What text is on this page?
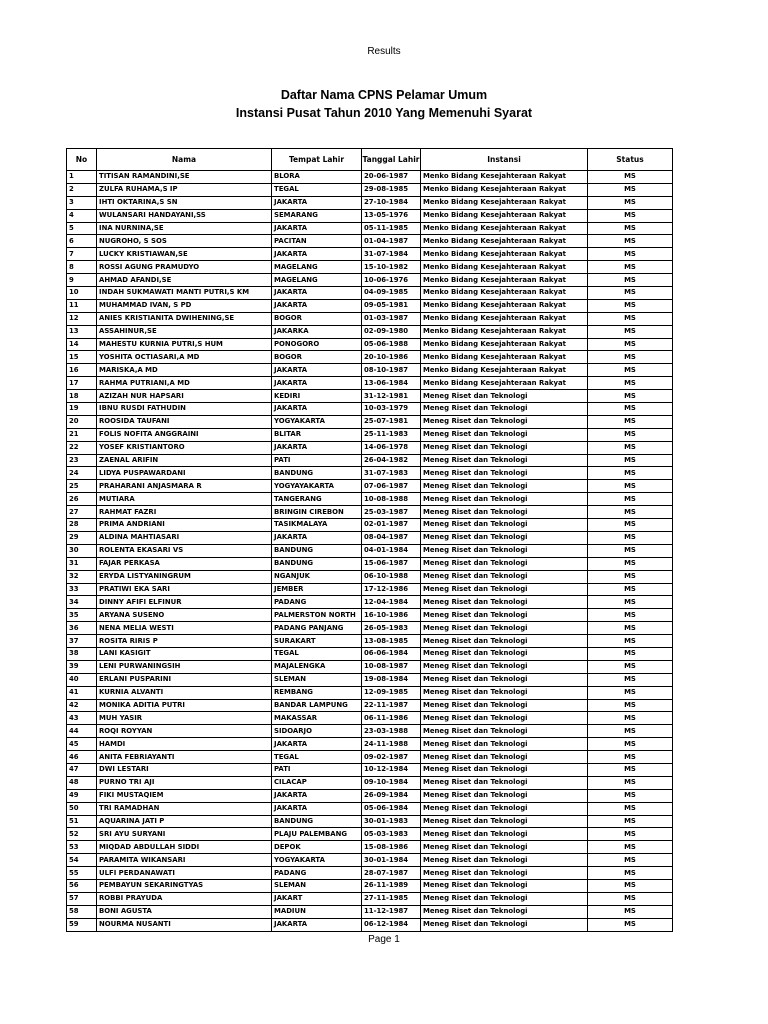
Results
Daftar Nama CPNS Pelamar Umum
Instansi Pusat Tahun 2010 Yang Memenuhi Syarat
No	Nama	Tempat Lahir	Tanggal Lahir	Instansi	Status
1	TITISAN RAMANDINI,SE	BLORA	20-06-1987	Menko Bidang Kesejahteraan Rakyat	MS
2	ZULFA RUHAMA,S IP	TEGAL	29-08-1985	Menko Bidang Kesejahteraan Rakyat	MS
3	IHTI OKTARINA,S SN	JAKARTA	27-10-1984	Menko Bidang Kesejahteraan Rakyat	MS
4	WULANSARI HANDAYANI,SS	SEMARANG	13-05-1976	Menko Bidang Kesejahteraan Rakyat	MS
5	INA NURNINA,SE	JAKARTA	05-11-1985	Menko Bidang Kesejahteraan Rakyat	MS
6	NUGROHO, S SOS	PACITAN	01-04-1987	Menko Bidang Kesejahteraan Rakyat	MS
7	LUCKY KRISTIAWAN,SE	JAKARTA	31-07-1984	Menko Bidang Kesejahteraan Rakyat	MS
8	ROSSI AGUNG PRAMUDYO	MAGELANG	15-10-1982	Menko Bidang Kesejahteraan Rakyat	MS
9	AHMAD AFANDI,SE	MAGELANG	10-06-1976	Menko Bidang Kesejahteraan Rakyat	MS
10	INDAH SUKMAWATI MANTI PUTRI,S KM	JAKARTA	04-09-1985	Menko Bidang Kesejahteraan Rakyat	MS
11	MUHAMMAD IVAN, S PD	JAKARTA	09-05-1981	Menko Bidang Kesejahteraan Rakyat	MS
12	ANIES KRISTIANITA DWIHENING,SE	BOGOR	01-03-1987	Menko Bidang Kesejahteraan Rakyat	MS
13	ASSAHINUR,SE	JAKARKA	02-09-1980	Menko Bidang Kesejahteraan Rakyat	MS
14	MAHESTU KURNIA PUTRI,S HUM	PONOGORO	05-06-1988	Menko Bidang Kesejahteraan Rakyat	MS
15	YOSHITA OCTIASARI,A MD	BOGOR	20-10-1986	Menko Bidang Kesejahteraan Rakyat	MS
16	MARISKA,A MD	JAKARTA	08-10-1987	Menko Bidang Kesejahteraan Rakyat	MS
17	RAHMA PUTRIANI,A MD	JAKARTA	13-06-1984	Menko Bidang Kesejahteraan Rakyat	MS
18	AZIZAH NUR HAPSARI	KEDIRI	31-12-1981	Meneg Riset dan Teknologi	MS
19	IBNU RUSDI FATHUDIN	JAKARTA	10-03-1979	Meneg Riset dan Teknologi	MS
20	ROOSIDA TAUFANI	YOGYAKARTA	25-07-1981	Meneg Riset dan Teknologi	MS
21	FOLIS NOFITA ANGGRAINI	BLITAR	25-11-1983	Meneg Riset dan Teknologi	MS
22	YOSEF KRISTIANTORO	JAKARTA	14-06-1978	Meneg Riset dan Teknologi	MS
23	ZAENAL ARIFIN	PATI	26-04-1982	Meneg Riset dan Teknologi	MS
24	LIDYA PUSPAWARDANI	BANDUNG	31-07-1983	Meneg Riset dan Teknologi	MS
25	PRAHARANI ANJASMARA R	YOGYAYAKARTA	07-06-1987	Meneg Riset dan Teknologi	MS
26	MUTIARA	TANGERANG	10-08-1988	Meneg Riset dan Teknologi	MS
27	RAHMAT FAZRI	BRINGIN CIREBON	25-03-1987	Meneg Riset dan Teknologi	MS
28	PRIMA ANDRIANI	TASIKMALAYA	02-01-1987	Meneg Riset dan Teknologi	MS
29	ALDINA MAHTIASARI	JAKARTA	08-04-1987	Meneg Riset dan Teknologi	MS
30	ROLENTA EKASARI VS	BANDUNG	04-01-1984	Meneg Riset dan Teknologi	MS
31	FAJAR PERKASA	BANDUNG	15-06-1987	Meneg Riset dan Teknologi	MS
32	ERYDA LISTYANINGRUM	NGANJUK	06-10-1988	Meneg Riset dan Teknologi	MS
33	PRATIWI EKA SARI	JEMBER	17-12-1986	Meneg Riset dan Teknologi	MS
34	DINNY AFIFI ELFINUR	PADANG	12-04-1984	Meneg Riset dan Teknologi	MS
35	ARYANA SUSENO	PALMERSTON NORTH	16-10-1986	Meneg Riset dan Teknologi	MS
36	NENA MELIA WESTI	PADANG PANJANG	26-05-1983	Meneg Riset dan Teknologi	MS
37	ROSITA RIRIS P	SURAKART	13-08-1985	Meneg Riset dan Teknologi	MS
38	LANI KASIGIT	TEGAL	06-06-1984	Meneg Riset dan Teknologi	MS
39	LENI PURWANINGSIH	MAJALENGKA	10-08-1987	Meneg Riset dan Teknologi	MS
40	ERLANI PUSPARINI	SLEMAN	19-08-1984	Meneg Riset dan Teknologi	MS
41	KURNIA ALVANTI	REMBANG	12-09-1985	Meneg Riset dan Teknologi	MS
42	MONIKA ADITIA PUTRI	BANDAR LAMPUNG	22-11-1987	Meneg Riset dan Teknologi	MS
43	MUH YASIR	MAKASSAR	06-11-1986	Meneg Riset dan Teknologi	MS
44	ROQI ROYYAN	SIDOARJO	23-03-1988	Meneg Riset dan Teknologi	MS
45	HAMDI	JAKARTA	24-11-1988	Meneg Riset dan Teknologi	MS
46	ANITA FEBRIAYANTI	TEGAL	09-02-1987	Meneg Riset dan Teknologi	MS
47	DWI LESTARI	PATI	10-12-1984	Meneg Riset dan Teknologi	MS
48	PURNO TRI AJI	CILACAP	09-10-1984	Meneg Riset dan Teknologi	MS
49	FIKI MUSTAQIEM	JAKARTA	26-09-1984	Meneg Riset dan Teknologi	MS
50	TRI RAMADHAN	JAKARTA	05-06-1984	Meneg Riset dan Teknologi	MS
51	AQUARINA JATI P	BANDUNG	30-01-1983	Meneg Riset dan Teknologi	MS
52	SRI AYU SURYANI	PLAJU PALEMBANG	05-03-1983	Meneg Riset dan Teknologi	MS
53	MIQDAD ABDULLAH SIDDI	DEPOK	15-08-1986	Meneg Riset dan Teknologi	MS
54	PARAMITA WIKANSARI	YOGYAKARTA	30-01-1984	Meneg Riset dan Teknologi	MS
55	ULFI PERDANAWATI	PADANG	28-07-1987	Meneg Riset dan Teknologi	MS
56	PEMBAYUN SEKARINGTYAS	SLEMAN	26-11-1989	Meneg Riset dan Teknologi	MS
57	ROBBI PRAYUDA	JAKART	27-11-1985	Meneg Riset dan Teknologi	MS
58	BONI AGUSTA	MADIUN	11-12-1987	Meneg Riset dan Teknologi	MS
59	NOURMA NUSANTI	JAKARTA	06-12-1984	Meneg Riset dan Teknologi	MS
Page 1
